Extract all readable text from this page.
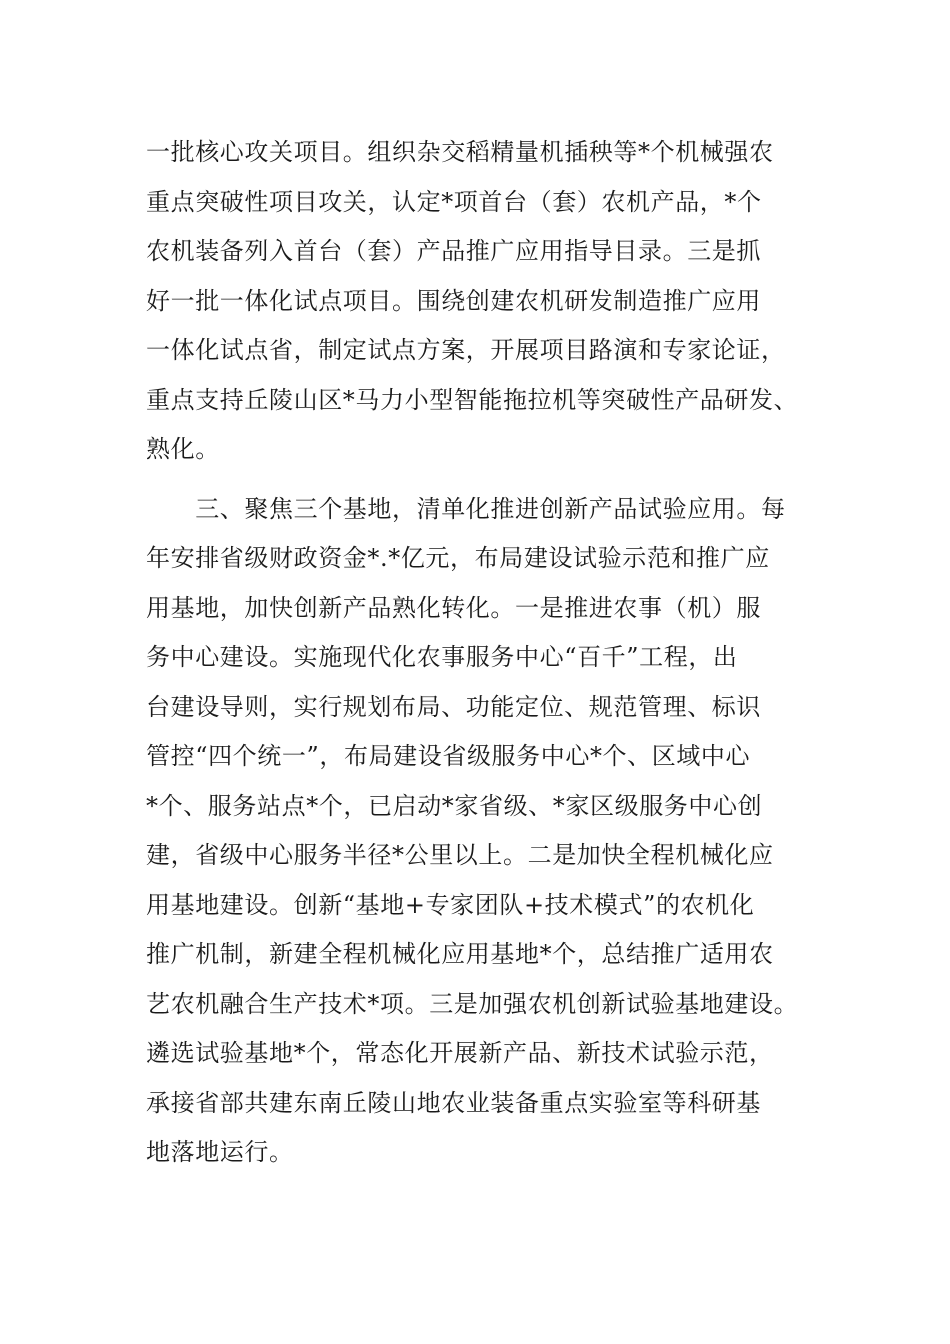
一批核心攻关项目。组织杂交稻精量机插秧等*个机械强农
重点突破性项目攻关，认定*项首台（套）农机产品，*个
农机装备列入首台（套）产品推广应用指导目录。三是抓
好一批一体化试点项目。围绕创建农机研发制造推广应用
一体化试点省，制定试点方案，开展项目路演和专家论证，
重点支持丘陵山区*马力小型智能拖拉机等突破性产品研发、
熟化。
　　三、聚焦三个基地，清单化推进创新产品试验应用。每
年安排省级财政资金*.*亿元，布局建设试验示范和推广应
用基地，加快创新产品熟化转化。一是推进农事（机）服
务中心建设。实施现代化农事服务中心“百千”工程，出
台建设导则，实行规划布局、功能定位、规范管理、标识
管控“四个统一”，布局建设省级服务中心*个、区域中心
*个、服务站点*个，已启动*家省级、*家区级服务中心创
建，省级中心服务半径*公里以上。二是加快全程机械化应
用基地建设。创新“基地+专家团队+技术模式”的农机化
推广机制，新建全程机械化应用基地*个，总结推广适用农
艺农机融合生产技术*项。三是加强农机创新试验基地建设。
遴选试验基地*个，常态化开展新产品、新技术试验示范，
承接省部共建东南丘陵山地农业装备重点实验室等科研基
地落地运行。
